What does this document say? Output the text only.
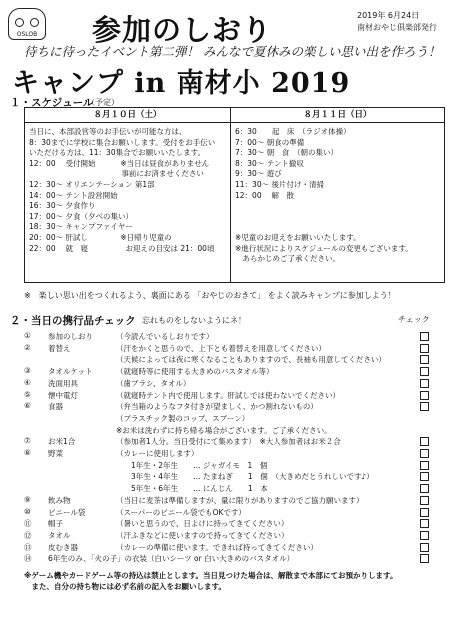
OSLOB 参加のしおり	2019年 6月24日
南材おやじ倶楽部発行
待ちに待ったイベント第二弾！ みんなで夏休みの楽しい思い出を作ろう！
キャンプ in 南材小 2019
１・スケジュール
（予定）
８月１０日（土）	８月１１日（日）
当日に、本部設営等のお手伝いが可能な方は、
8：30までに学校に集合お願いします。受付をお手伝い
いただける方は、11：30集合でお願いいたします。
12：00　 受付開始　　　 ※当日は昼食がありません
　　　　　　　　　　　　 事前にお済ませください
12：30～ オリエンテーション 第1部
14：00～ テント設営開始
16：30～ 夕食作り
17：00～ 夕食（夕べの集い）
18：30～ キャンプファイヤー
20：00～ 肝試し　　　　 ※日帰り児童の
22：00　 就　寝　　　　　お迎えの目安は 21：00頃
6：30　　起　床　（ラジオ体操）
7：00～ 朝食の準備
7：30～ 朝　食　（朝の集い）
8：30～ テント撤収
9：30～ 遊び
11：30～ 後片付け・清掃
12：00　 解　散
※児童のお迎えをお願いいたします。
※進行状況によりスケジュールの変更もございます。
　あらかじめご了承ください。
※　楽しい思い出をつくれるよう、裏面にある 「おやじのおきて」 をよく読みキャンプに参加しよう！
２・当日の携行品チェック 忘れものをしないようにネ！	チェック
① 参加のしおり	（今読んでいるしおりです）
② 着替え	（汗をかくと思うので、上下とも着替えを用意してください）
（天候によっては夜に寒くなることもありますので、長袖も用意してください）
③ タオルケット	（就寝時等に使用する大きめのバスタオル等）
④ 洗面用具	（歯ブラシ、タオル）
⑤ 懐中電灯	（就寝時テント内で使用します。肝試しでは使わないでください）
⑥ 食器	（弁当箱のようなフタ付きが望ましく、かつ割れないもの）
（プラスチック製のコップ、スプーン）
※お米は洗わずに持ち帰る場合がございます。ご了承ください。
⑦ お米1合	（参加者1人分。当日受付にて集めます）　※大人参加者はお米２合
⑧ 野菜	（カレーに使用します）
　　1年生・2年生　　… ジャガイモ　1　個
　　3年生・4年生　　… たまねぎ　　1　個　（大きめだとうれしいです♪）
　　5年生・6年生　　… にんじん　　1　本
⑨ 飲み物	（当日に麦茶は準備しますが、量に限りがありますのでご協力願います）
⑩ ビニール袋	（スーパーのビニール袋でもOKです）
⑪ 帽子	（暑いと思うので、日よけに持ってきてください）
⑫ タオル	（汗ふきなどに使いますので持ってきてください）
⑬ 皮むき器	（カレーの準備に使います。できれば持ってきてください）
⑭ 6年生のみ、「火の子」の衣装（白いシーツ or 白い大きめのバスタオル）
※ゲーム機やカードゲーム等の持込は禁止とします。当日見つけた場合は、解散まで本部にてお預かりします。
　また、自分の持ち物には必ず名前の記入をお願いします。
